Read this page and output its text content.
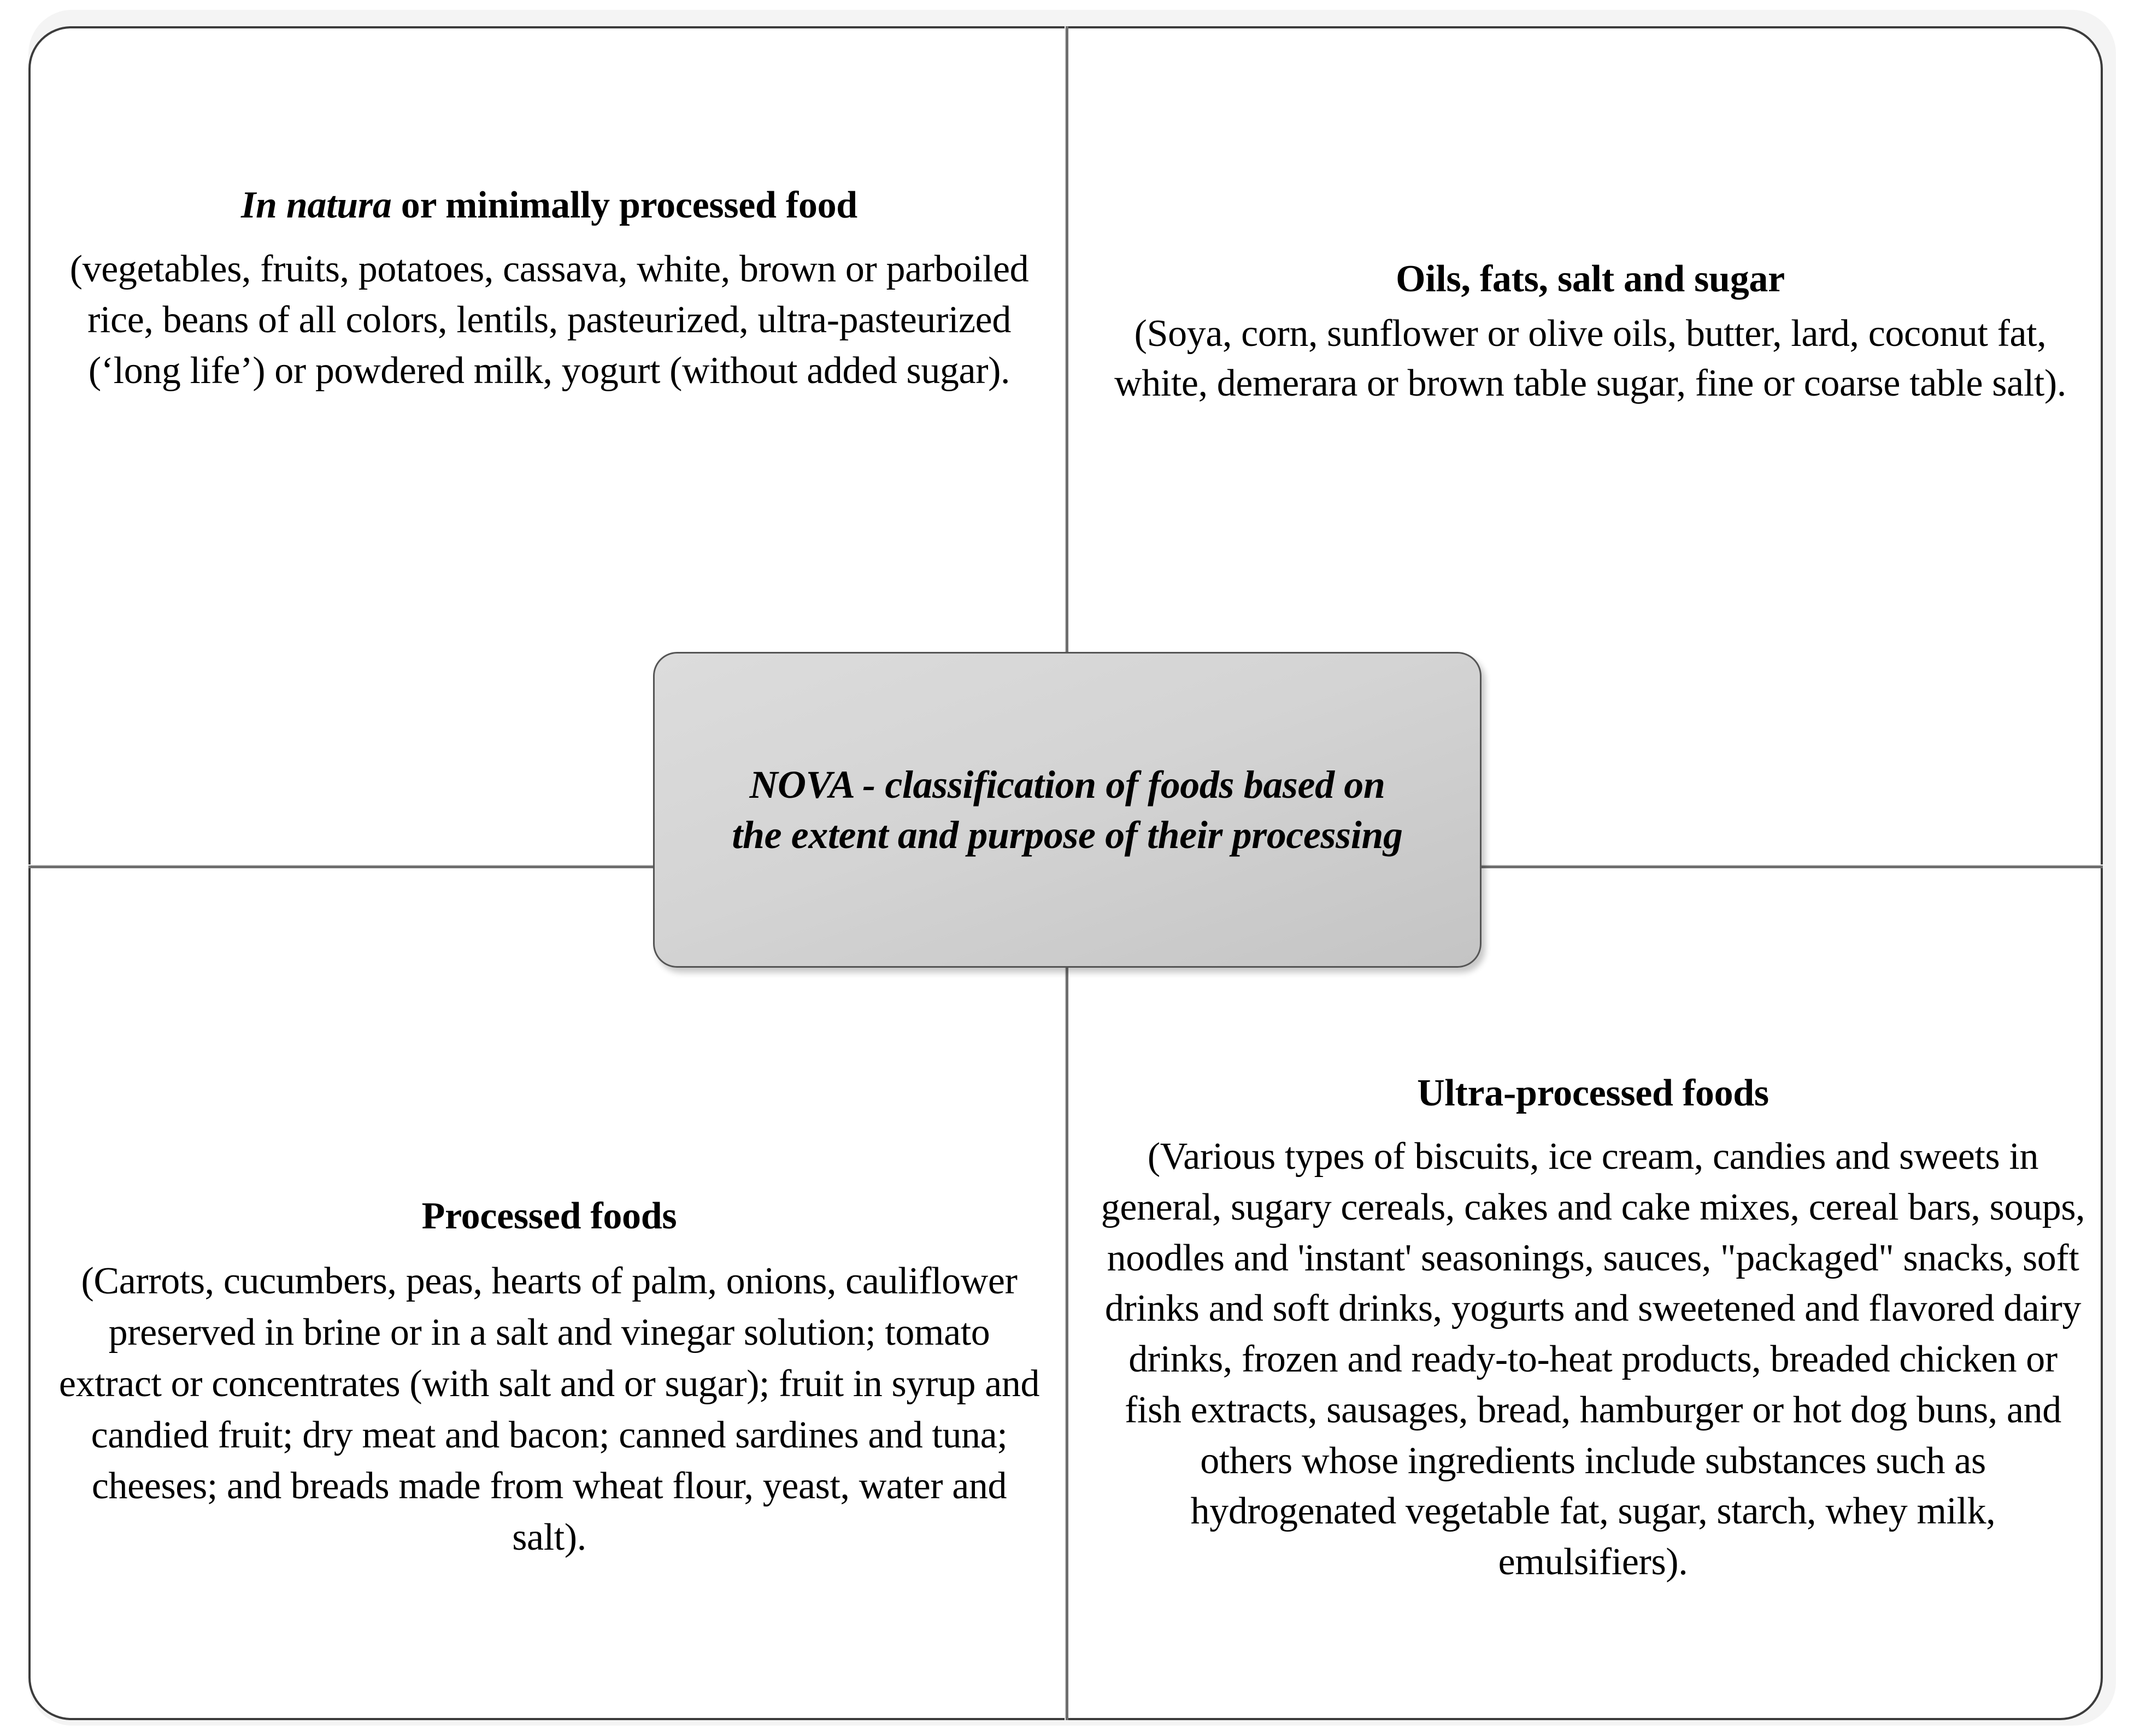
In natura or minimally processed food

(vegetables, fruits, potatoes, cassava, white, brown or parboiled rice, beans of all colors, lentils, pasteurized, ultra-pasteurized (‘long life’) or powdered milk, yogurt (without added sugar).

Oils, fats, salt and sugar

(Soya, corn, sunflower or olive oils, butter, lard, coconut fat, white, demerara or brown table sugar, fine or coarse table salt).

Processed foods

(Carrots, cucumbers, peas, hearts of palm, onions, cauliflower preserved in brine or in a salt and vinegar solution; tomato extract or concentrates (with salt and or sugar); fruit in syrup and candied fruit; dry meat and bacon; canned sardines and tuna; cheeses; and breads made from wheat flour, yeast, water and salt).

Ultra-processed foods

(Various types of biscuits, ice cream, candies and sweets in general, sugary cereals, cakes and cake mixes, cereal bars, soups, noodles and 'instant' seasonings, sauces, "packaged" snacks, soft drinks and soft drinks, yogurts and sweetened and flavored dairy drinks, frozen and ready-to-heat products, breaded chicken or fish extracts, sausages, bread, hamburger or hot dog buns, and others whose ingredients include substances such as hydrogenated vegetable fat, sugar, starch, whey milk, emulsifiers).

NOVA - classification of foods based on
the extent and purpose of their processing
